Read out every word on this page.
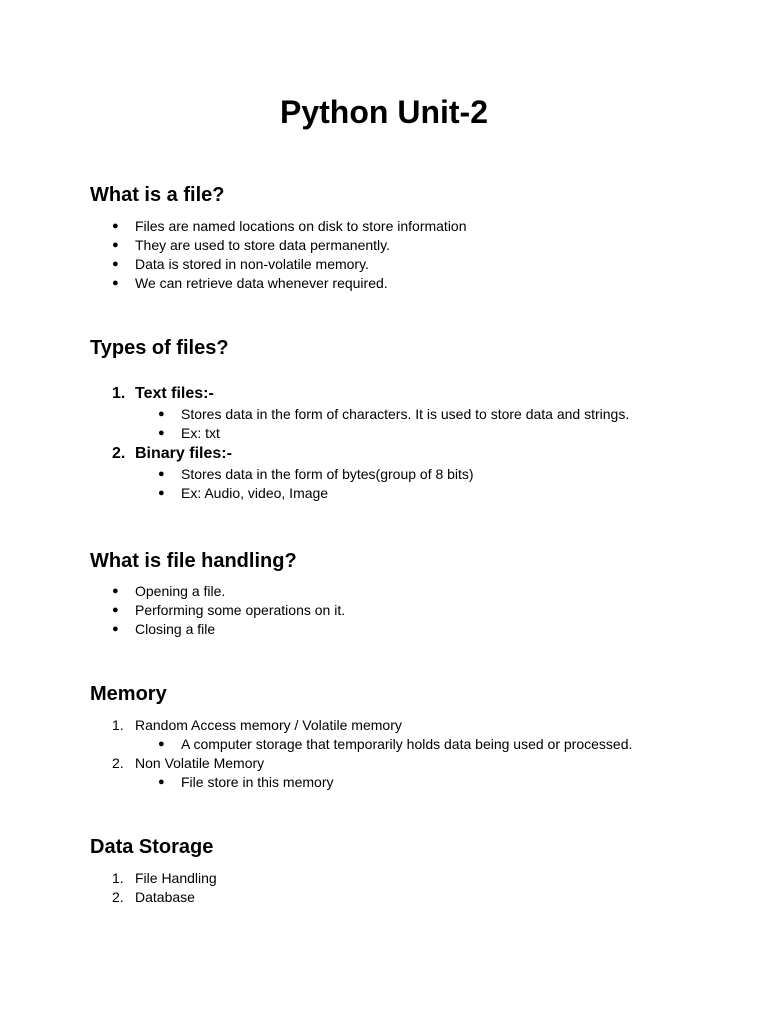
Python Unit-2
What is a file?
● Files are named locations on disk to store information
● They are used to store data permanently.
● Data is stored in non-volatile memory.
● We can retrieve data whenever required.
Types of files?
1. Text files:-
● Stores data in the form of characters. It is used to store data and strings.
● Ex: txt
2. Binary files:-
● Stores data in the form of bytes(group of 8 bits)
● Ex: Audio, video, Image
What is file handling?
● Opening a file.
● Performing some operations on it.
● Closing a file
Memory
1. Random Access memory / Volatile memory
● A computer storage that temporarily holds data being used or processed.
2. Non Volatile Memory
● File store in this memory
Data Storage
1. File Handling
2. Database
